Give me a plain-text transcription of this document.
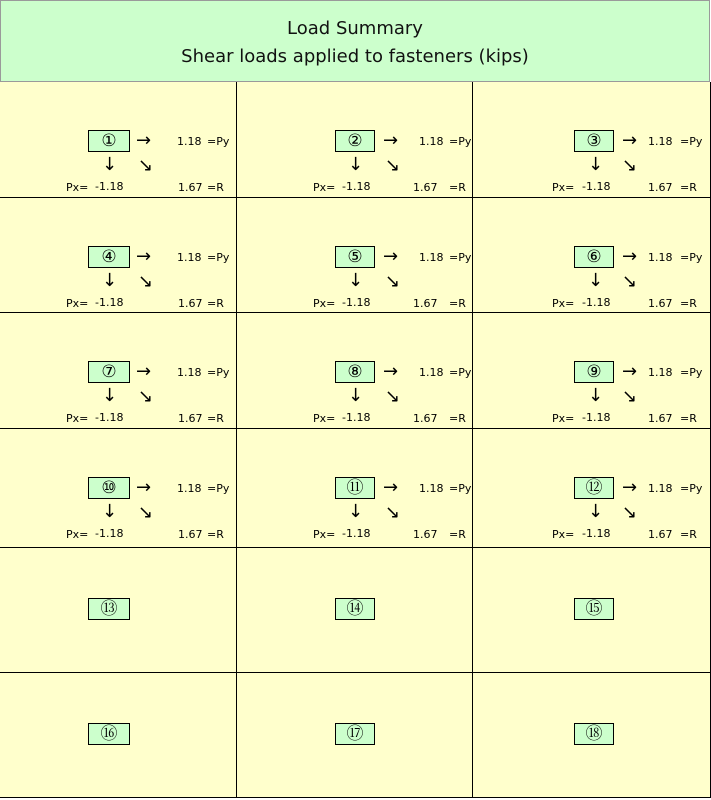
Load Summary
Shear loads applied to fasteners (kips)
①	→ 1.18 =Py
↓ ↘
Px= -1.18	1.67 =R
②	→ 1.18 =Py
↓ ↘
Px= -1.18	1.67 =R
③	→ 1.18 =Py
↓ ↘
Px= -1.18	1.67 =R
④	→ 1.18 =Py
↓ ↘
Px= -1.18	1.67 =R
⑤	→ 1.18 =Py
↓ ↘
Px= -1.18	1.67 =R
⑥	→ 1.18 =Py
↓ ↘
Px= -1.18	1.67 =R
⑦	→ 1.18 =Py
↓ ↘
Px= -1.18	1.67 =R
⑧	→ 1.18 =Py
↓ ↘
Px= -1.18	1.67 =R
⑨	→ 1.18 =Py
↓ ↘
Px= -1.18	1.67 =R
⑩	→ 1.18 =Py
↓ ↘
Px= -1.18	1.67 =R
⑪	→ 1.18 =Py
↓ ↘
Px= -1.18	1.67 =R
⑫	→ 1.18 =Py
↓ ↘
Px= -1.18	1.67 =R
⑬	⑭	⑮
⑯	⑰	⑱
